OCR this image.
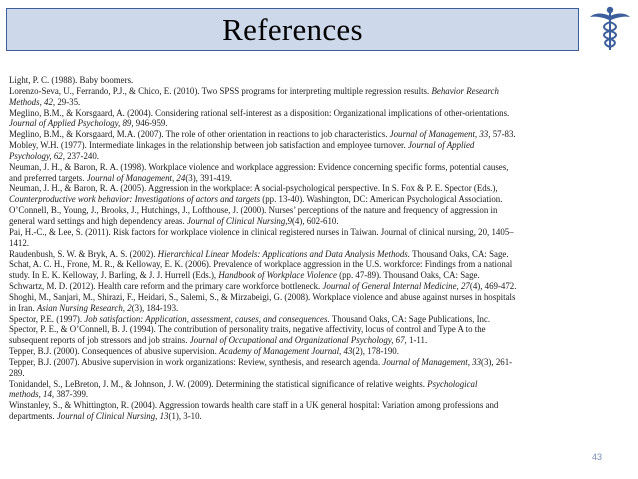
References
Light, P. C. (1988). Baby boomers.
Lorenzo-Seva, U., Ferrando, P.J., & Chico, E. (2010). Two SPSS programs for interpreting multiple regression results. Behavior Research
Methods, 42, 29-35.
Meglino, B.M., & Korsgaard, A. (2004). Considering rational self-interest as a disposition: Organizational implications of other-orientations.
Journal of Applied Psychology, 89, 946-959.
Meglino, B.M., & Korsgaard, M.A. (2007). The role of other orientation in reactions to job characteristics. Journal of Management, 33, 57-83.
Mobley, W.H. (1977). Intermediate linkages in the relationship between job satisfaction and employee turnover. Journal of Applied
Psychology, 62, 237-240.
Neuman, J. H., & Baron, R. A. (1998). Workplace violence and workplace aggression: Evidence concerning specific forms, potential causes,
and preferred targets. Journal of Management, 24(3), 391-419.
Neuman, J. H., & Baron, R. A. (2005). Aggression in the workplace: A social-psychological perspective. In S. Fox & P. E. Spector (Eds.),
Counterproductive work behavior: Investigations of actors and targets (pp. 13-40). Washington, DC: American Psychological Association.
O’Connell, B., Young, J., Brooks, J., Hutchings, J., Lofthouse, J. (2000). Nurses’ perceptions of the nature and frequency of aggression in
general ward settings and high dependency areas. Journal of Clinical Nursing,9(4), 602-610.
Pai, H.-C., & Lee, S. (2011). Risk factors for workplace violence in clinical registered nurses in Taiwan. Journal of clinical nursing, 20, 1405–
1412.
Raudenbush, S. W. & Bryk, A. S. (2002). Hierarchical Linear Models: Applications and Data Analysis Methods. Thousand Oaks, CA: Sage.
Schat, A. C. H., Frone, M. R., & Kelloway, E. K. (2006). Prevalence of workplace aggression in the U.S. workforce: Findings from a national
study. In E. K. Kelloway, J. Barling, & J. J. Hurrell (Eds.), Handbook of Workplace Violence (pp. 47-89). Thousand Oaks, CA: Sage.
Schwartz, M. D. (2012). Health care reform and the primary care workforce bottleneck. Journal of General Internal Medicine, 27(4), 469-472.
Shoghi, M., Sanjari, M., Shirazi, F., Heidari, S., Salemi, S., & Mirzabeigi, G. (2008). Workplace violence and abuse against nurses in hospitals
in Iran. Asian Nursing Research, 2(3), 184-193.
Spector, P.E. (1997). Job satisfaction: Application, assessment, causes, and consequences. Thousand Oaks, CA: Sage Publications, Inc.
Spector, P. E., & O’Connell, B. J. (1994). The contribution of personality traits, negative affectivity, locus of control and Type A to the
subsequent reports of job stressors and job strains. Journal of Occupational and Organizational Psychology, 67, 1-11.
Tepper, B.J. (2000). Consequences of abusive supervision. Academy of Management Journal, 43(2), 178-190.
Tepper, B.J. (2007). Abusive supervision in work organizations: Review, synthesis, and research agenda. Journal of Management, 33(3), 261-
289.
Tonidandel, S., LeBreton, J. M., & Johnson, J. W. (2009). Determining the statistical significance of relative weights. Psychological
methods, 14, 387-399.
Winstanley, S., & Whittington, R. (2004). Aggression towards health care staff in a UK general hospital: Variation among professions and
departments. Journal of Clinical Nursing, 13(1), 3-10.
43
